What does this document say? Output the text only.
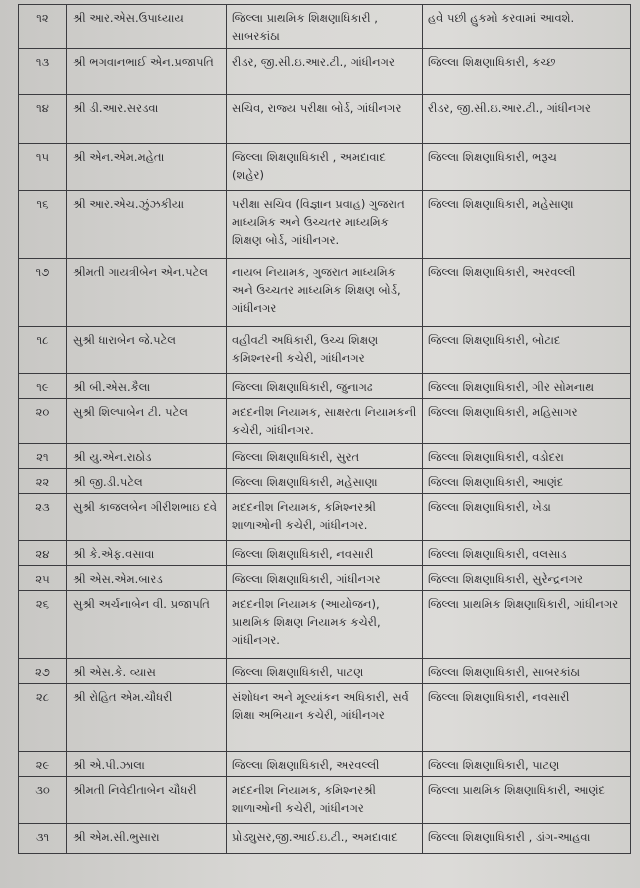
૧૨	શ્રી આર.એસ.ઉપાધ્યાય	જિલ્લા પ્રાથમિક શિક્ષણાધિકારી , સાબરકાંઠા	હવે પછી હુકમો કરવામાં આવશે.
૧૩	શ્રી ભગવાનભાઈ એન.પ્રજાપતિ	રીડર, જી.સી.ઇ.આર.ટી., ગાંધીનગર	જિલ્લા શિક્ષણાધિકારી, કચ્છ
૧૪	શ્રી ડી.આર.સરડવા	સચિવ, રાજ્ય પરીક્ષા બોર્ડ, ગાંધીનગર	રીડર, જી.સી.ઇ.આર.ટી., ગાંધીનગર
૧૫	શ્રી એન.એમ.મહેતા	જિલ્લા શિક્ષણાધિકારી , અમદાવાદ (શહેર)	જિલ્લા શિક્ષણાધિકારી, ભરૂચ
૧૬	શ્રી આર.એચ.ઝુંઝકીયા	પરીક્ષા સચિવ (વિજ્ઞાન પ્રવાહ) ગુજરાત માધ્યમિક અને ઉચ્ચતર માધ્યમિક શિક્ષણ બોર્ડ, ગાંધીનગર.	જિલ્લા શિક્ષણાધિકારી, મહેસાણા
૧૭	શ્રીમતી ગાયત્રીબેન એન.પટેલ	નાયબ નિયામક, ગુજરાત માધ્યમિક અને ઉચ્ચતર માધ્યમિક શિક્ષણ બોર્ડ, ગાંધીનગર	જિલ્લા શિક્ષણાધિકારી, અરવલ્લી
૧૮	સુશ્રી ધારાબેન જે.પટેલ	વહીવટી અધિકારી, ઉચ્ચ શિક્ષણ કમિશ્નરની કચેરી, ગાંધીનગર	જિલ્લા શિક્ષણાધિકારી, બોટાદ
૧૯	શ્રી બી.એસ.કૈલા	જિલ્લા શિક્ષણાધિકારી, જુનાગઢ	જિલ્લા શિક્ષણાધિકારી, ગીર સોમનાથ
૨૦	સુશ્રી શિલ્પાબેન ટી. પટેલ	મદદનીશ નિયામક, સાક્ષરતા નિયામકની કચેરી, ગાંધીનગર.	જિલ્લા શિક્ષણાધિકારી, મહિસાગર
૨૧	શ્રી યુ.એન.રાઠોડ	જિલ્લા શિક્ષણાધિકારી, સુરત	જિલ્લા શિક્ષણાધિકારી, વડોદરા
૨૨	શ્રી જી.ડી.પટેલ	જિલ્લા શિક્ષણાધિકારી, મહેસાણા	જિલ્લા શિક્ષણાધિકારી, આણંદ
૨૩	સુશ્રી કાજલબેન ગીરીશભાઇ દવે	મદદનીશ નિયામક, કમિશ્નરશ્રી શાળાઓની કચેરી, ગાંધીનગર.	જિલ્લા શિક્ષણાધિકારી, ખેડા
૨૪	શ્રી કે.એફ.વસાવા	જિલ્લા શિક્ષણાધિકારી, નવસારી	જિલ્લા શિક્ષણાધિકારી, વલસાડ
૨૫	શ્રી એસ.એમ.બારડ	જિલ્લા શિક્ષણાધિકારી, ગાંધીનગર	જિલ્લા શિક્ષણાધિકારી, સુરેન્દ્રનગર
૨૬	સુશ્રી અર્ચનાબેન વી. પ્રજાપતિ	મદદનીશ નિયામક (આયોજન), પ્રાથમિક શિક્ષણ નિયામક કચેરી, ગાંધીનગર.	જિલ્લા પ્રાથમિક શિક્ષણાધિકારી, ગાંધીનગર
૨૭	શ્રી એસ.કે. વ્યાસ	જિલ્લા શિક્ષણાધિકારી, પાટણ	જિલ્લા શિક્ષણાધિકારી, સાબરકાંઠા
૨૮	શ્રી રોહિત એમ.ચૌધરી	સંશોધન અને મૂલ્યાંકન અધિકારી, સર્વ શિક્ષા અભિયાન કચેરી, ગાંધીનગર	જિલ્લા શિક્ષણાધિકારી, નવસારી
૨૯	શ્રી એ.પી.ઝાલા	જિલ્લા શિક્ષણાધિકારી, અરવલ્લી	જિલ્લા શિક્ષણાધિકારી, પાટણ
૩૦	શ્રીમતી નિવેદીતાબેન ચૌધરી	મદદનીશ નિયામક, કમિશ્નરશ્રી શાળાઓની કચેરી, ગાંધીનગર	જિલ્લા પ્રાથમિક શિક્ષણાધિકારી, આણંદ
૩૧	શ્રી એમ.સી.ભુસારા	પ્રોડ્યુસર,જી.આઈ.ઇ.ટી., અમદાવાદ	જિલ્લા શિક્ષણાધિકારી , ડાંગ-આહવા
